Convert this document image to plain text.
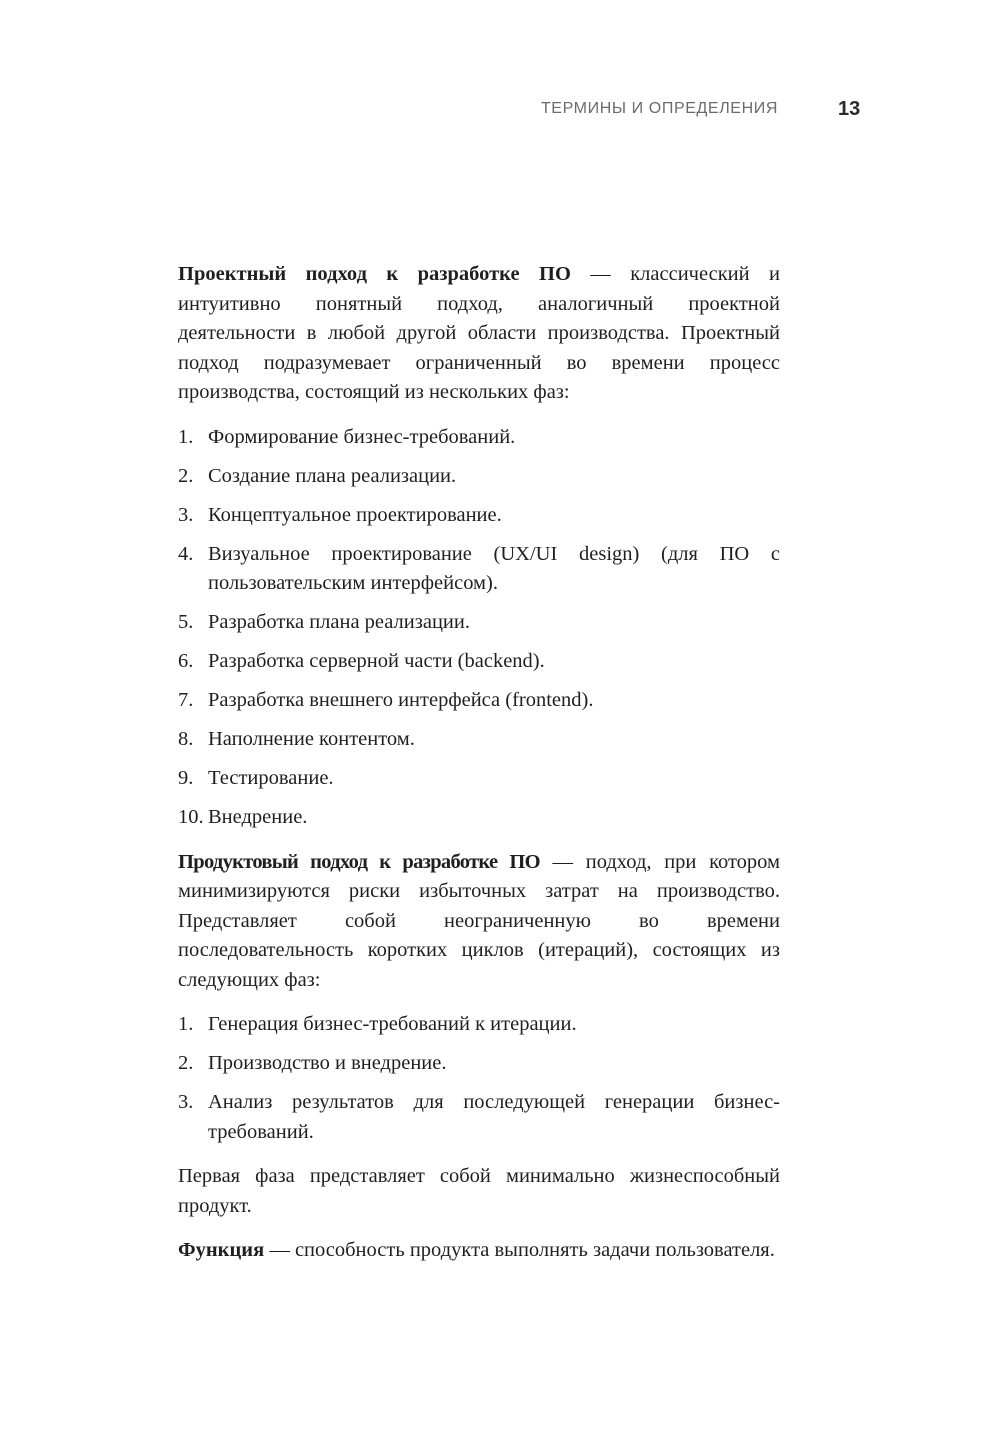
ТЕРМИНЫ И ОПРЕДЕЛЕНИЯ	13

Проектный подход к разработке ПО — классический и интуитивно понятный подход, аналогичный проектной деятельности в любой другой области производства. Проектный подход подразумевает ограниченный во времени процесс производства, состоящий из нескольких фаз:

1. Формирование бизнес-требований.
2. Создание плана реализации.
3. Концептуальное проектирование.
4. Визуальное проектирование (UX/UI design) (для ПО с пользовательским интерфейсом).
5. Разработка плана реализации.
6. Разработка серверной части (backend).
7. Разработка внешнего интерфейса (frontend).
8. Наполнение контентом.
9. Тестирование.
10. Внедрение.

Продуктовый подход к разработке ПО — подход, при котором минимизируются риски избыточных затрат на производство. Представляет собой неограниченную во времени последовательность коротких циклов (итераций), состоящих из следующих фаз:

1. Генерация бизнес-требований к итерации.
2. Производство и внедрение.
3. Анализ результатов для последующей генерации бизнес-требований.

Первая фаза представляет собой минимально жизнеспособный продукт.

Функция — способность продукта выполнять задачи пользователя.
